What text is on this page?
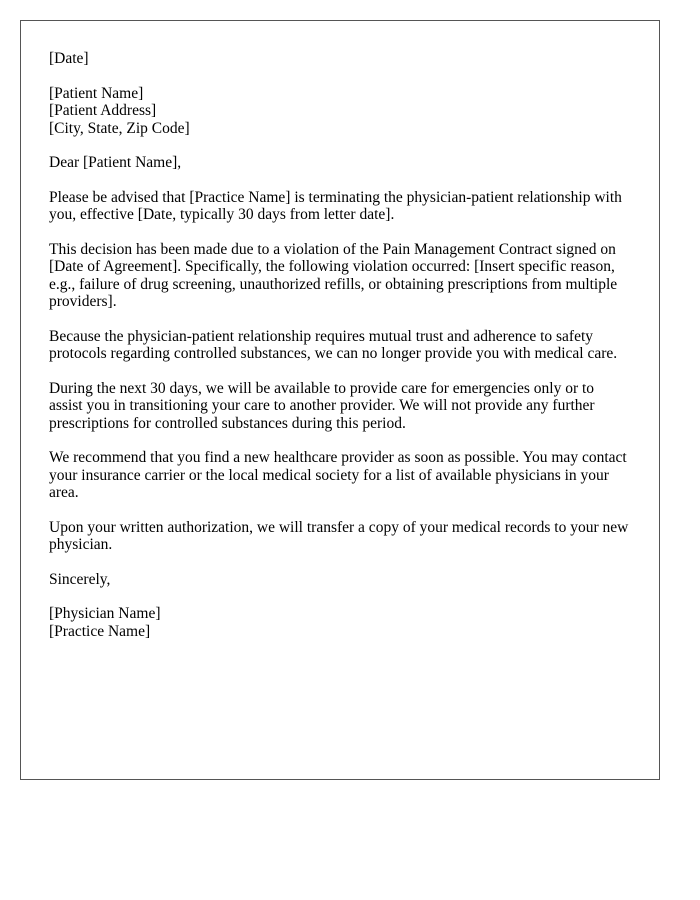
[Date]

[Patient Name]
[Patient Address]
[City, State, Zip Code]

Dear [Patient Name],

Please be advised that [Practice Name] is terminating the physician-patient relationship with you, effective [Date, typically 30 days from letter date].

This decision has been made due to a violation of the Pain Management Contract signed on [Date of Agreement]. Specifically, the following violation occurred: [Insert specific reason, e.g., failure of drug screening, unauthorized refills, or obtaining prescriptions from multiple providers].

Because the physician-patient relationship requires mutual trust and adherence to safety protocols regarding controlled substances, we can no longer provide you with medical care.

During the next 30 days, we will be available to provide care for emergencies only or to assist you in transitioning your care to another provider. We will not provide any further prescriptions for controlled substances during this period.

We recommend that you find a new healthcare provider as soon as possible. You may contact your insurance carrier or the local medical society for a list of available physicians in your area.

Upon your written authorization, we will transfer a copy of your medical records to your new physician.

Sincerely,

[Physician Name]
[Practice Name]
